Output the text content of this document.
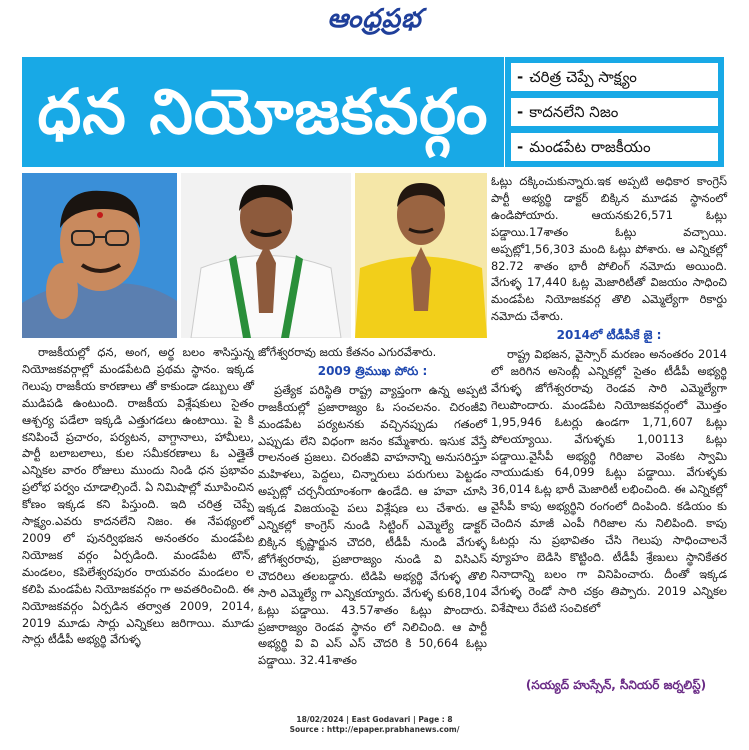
ఆంధ్రప్రభ
ధన నియోజకవర్గం
-	చరిత్ర చెప్పే సాక్ష్యం
- కాదనలేని నిజం
- మండపేట రాజకీయం

రాజకీయల్లో ధన, అంగ, అర్థ బలం శాసిస్తున్న నియోజకవర్గాల్లో మండపేటది ప్రథమ స్థానం. ఇక్కడ గెలుపు రాజకీయ కారణాలు తో కాకుండా డబ్బులు తో ముడిపడి ఉంటుంది. రాజకీయ విశ్లేషకులు సైతం ఆశ్చర్య పడేలా ఇక్కడి ఎత్తుగడలు ఉంటాయి. పై కి కనిపించే ప్రచారం, పర్యటన, వాగ్దానాలు, హామీలు, పార్టీ బలాబలాలు, కుల సమీకరణాలు ఓ ఎత్తైతే ఎన్నికల వారం రోజులు ముందు నిండి ధన ప్రభావం ప్రలోభ పర్వం చూడాల్సిందే. ఏ నిమిషాల్లో మూపించిన కోణం ఇక్కడ కని పిస్తుంది. ఇది చరిత్ర చెప్పే సాక్ష్యం.ఎవరు కాదనలేని నిజం. ఈ నేపథ్యంలో 2009 లో పునర్విభజన అనంతరం మండపేట నియోజక వర్గం ఏర్పడింది. మండపేట టౌన్, మండలం, కపిలేశ్వరపురం రాయవరం మండలం ల కలిపి మండపేట నియోజకవర్గం గా అవతరించింది. ఈ నియోజకవర్గం ఏర్పడిన తర్వాత 2009, 2014, 2019 మూడు సార్లు ఎన్నికలు జరిగాయి. మూడు సార్లు టీడీపీ అభ్యర్థి వేగుళ్ళ

జోగేశ్వరరావు జయ కేతనం ఎగురవేశారు.

2009 త్రిముఖ పోరు :

ప్రత్యేక పరిస్థితి రాష్ట్ర వ్యాప్తంగా ఉన్న అప్పటి రాజకీయల్లో ప్రజారాజ్యం ఓ సంచలనం. చిరంజీవి మండపేట పర్యటనకు వచ్చినప్పుడు గతంలో ఎప్పుడు లేని విధంగా జనం కమ్మేశారు. ఇసుక వేస్తే రాలనంత ప్రజలు. చిరంజీవి వాహనాన్ని అనుసరిస్తూ మహిళలు, పెద్దలు, చిన్నారులు పరుగులు పెట్టడం అప్పట్లో చర్చనీయాంశంగా ఉండేది. ఆ హవా చూసి ఇక్కడ విజయంపై పలు విశ్లేషణ లు చేశారు. ఆ ఎన్నికల్లో కాంగ్రెస్ నుండి సిట్టింగ్ ఎమ్మెల్యే డాక్టర్ బిక్కిన కృష్ణార్జున చౌదరి, టీడీపీ నుండి వేగుళ్ళ జోగేశ్వరరావు, ప్రజారాజ్యం నుండి వి విసిఎస్ చౌదరిలు తలబడ్డారు. టిడిపి అభ్యర్థి వేగుళ్ళ తొలి సారి ఎమ్మెల్యే గా ఎన్నికయ్యారు. వేగుళ్ళ కు68,104 ఓట్లు పడ్డాయి. 43.57శాతం ఓట్లు పొందారు. ప్రజారాజ్యం రెండవ స్థానం లో నిలిచింది. ఆ పార్టీ అభ్యర్థి వి వి ఎస్ ఎస్ చౌదరి కి 50,664 ఓట్లు పడ్డాయి. 32.41శాతం

ఓట్లు దక్కించుకున్నారు.ఇక అప్పటి అధికార కాంగ్రెస్ పార్టీ అభ్యర్థి డాక్టర్ బిక్కిన మూడవ స్థానంలో ఉండిపోయారు. ఆయనకు26,571 ఓట్లు పడ్డాయి.17శాతం ఓట్లు వచ్చాయి. అప్పట్లో1,56,303 మంది ఓట్లు పోశారు. ఆ ఎన్నికల్లో 82.72 శాతం భారీ పోలింగ్ నమోదు అయింది. వేగుళ్ళ 17,440 ఓట్ల మెజారిటీతో విజయం సాధించి మండపేట నియోజకవర్గ తొలి ఎమ్మెల్యేగా రికార్డు నమోదు చేశారు.

2014లో టీడీపీకే జై :

రాష్ట్ర విభజన, వైస్సార్ మరణం అనంతరం 2014 లో జరిగిన అసెంబ్లీ ఎన్నికల్లో సైతం టీడీపీ అభ్యర్థి వేగుళ్ళ జోగేశ్వరరావు రెండవ సారి ఎమ్మెల్యేగా గెలుపొందారు. మండపేట నియోజకవర్గంలో మొత్తం 1,95,946 ఓటర్లు ఉండగా 1,71,607 ఓట్లు పోలయ్యాయి. వేగుళ్ళకు 1,00113 ఓట్లు పడ్డాయి.వైసీపీ అభ్యర్థి గిరిజాల వెంకట స్వామి నాయుడుకు 64,099 ఓట్లు పడ్డాయి. వేగుళ్ళకు 36,014 ఓట్ల భారీ మెజారిటీ లభించింది. ఈ ఎన్నికల్లో వైసీపీ కాపు అభ్యర్థిని రంగంలో దింపింది. కడియం కు చెందిన మాజీ ఎంపీ గిరిజాల ను నిలిపింది. కాపు ఓటర్లు ను ప్రభావితం చేసి గెలుపు సాధించాలనే వ్యూహం బెడిసి కొట్టింది. టీడీపీ శ్రేణులు స్థానికేతర నినాదాన్ని బలం గా వినిపించారు. దీంతో ఇక్కడ వేగుళ్ళ రెండో సారి చక్రం తిప్పారు. 2019 ఎన్నికల విశేషాలు రేపటి సంచికలో

(సయ్యద్ హుస్సేన్, సీనియర్ జర్నలిస్ట్)
18/02/2024 | East Godavari | Page : 8
Source : http://epaper.prabhanews.com/
